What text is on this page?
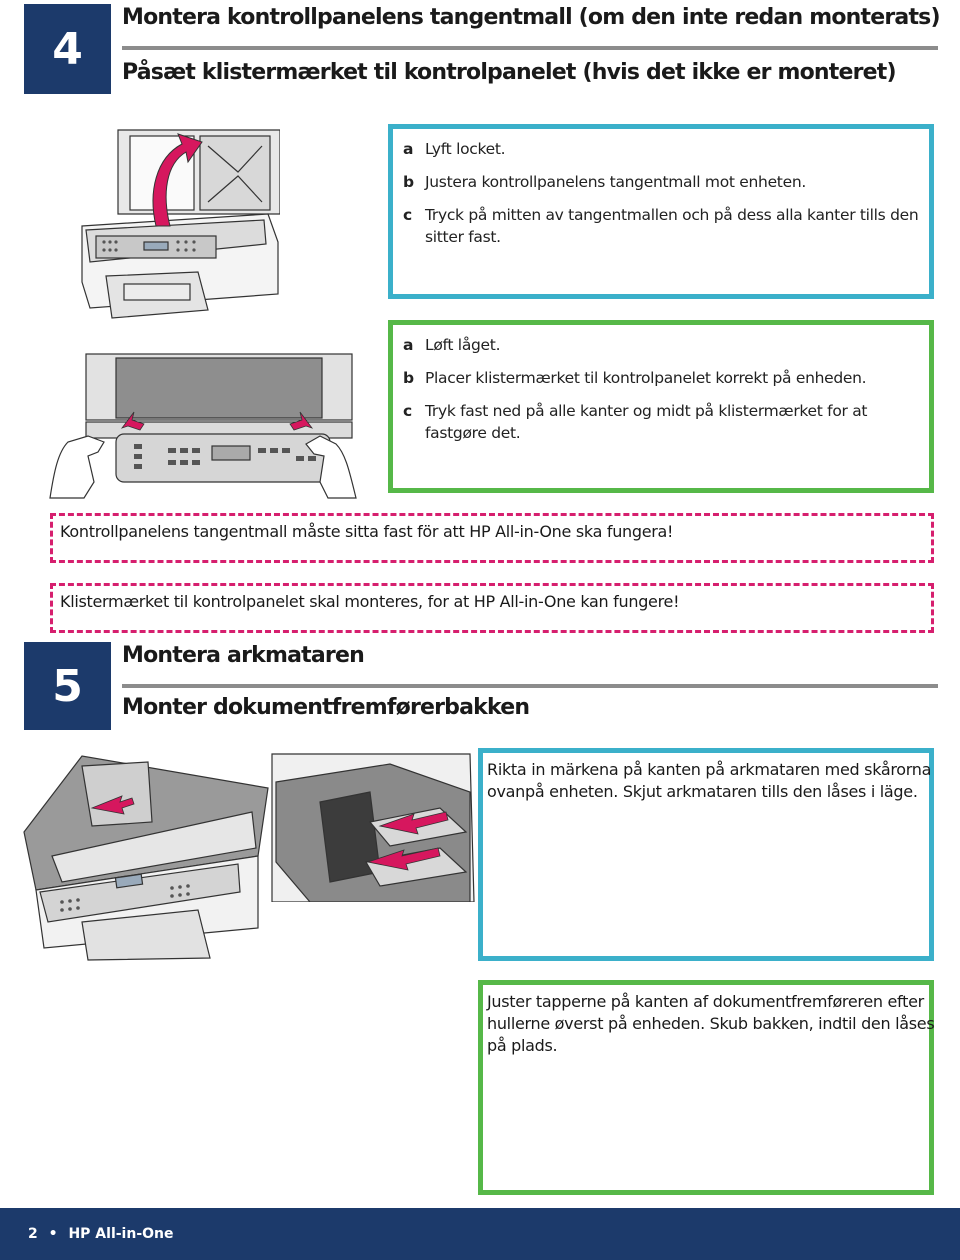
4
Montera kontrollpanelens tangentmall (om den inte redan monterats)
Påsæt klistermærket til kontrolpanelet (hvis det ikke er monteret)
a Lyft locket.
b Justera kontrollpanelens tangentmall mot enheten.
c Tryck på mitten av tangentmallen och på dess alla kanter tills den
sitter fast.
a Løft låget.
b Placer klistermærket til kontrolpanelet korrekt på enheden.
c Tryk fast ned på alle kanter og midt på klistermærket for at
fastgøre det.
Kontrollpanelens tangentmall måste sitta fast för att HP All-in-One ska fungera!
Klistermærket til kontrolpanelet skal monteres, for at HP All-in-One kan fungere!
5
Montera arkmataren
Monter dokumentfremførerbakken
Rikta in märkena på kanten på arkmataren med skårorna
ovanpå enheten. Skjut arkmataren tills den låses i läge.
Juster tapperne på kanten af dokumentfremføreren efter
hullerne øverst på enheden. Skub bakken, indtil den låses
på plads.
2 • HP All-in-One
